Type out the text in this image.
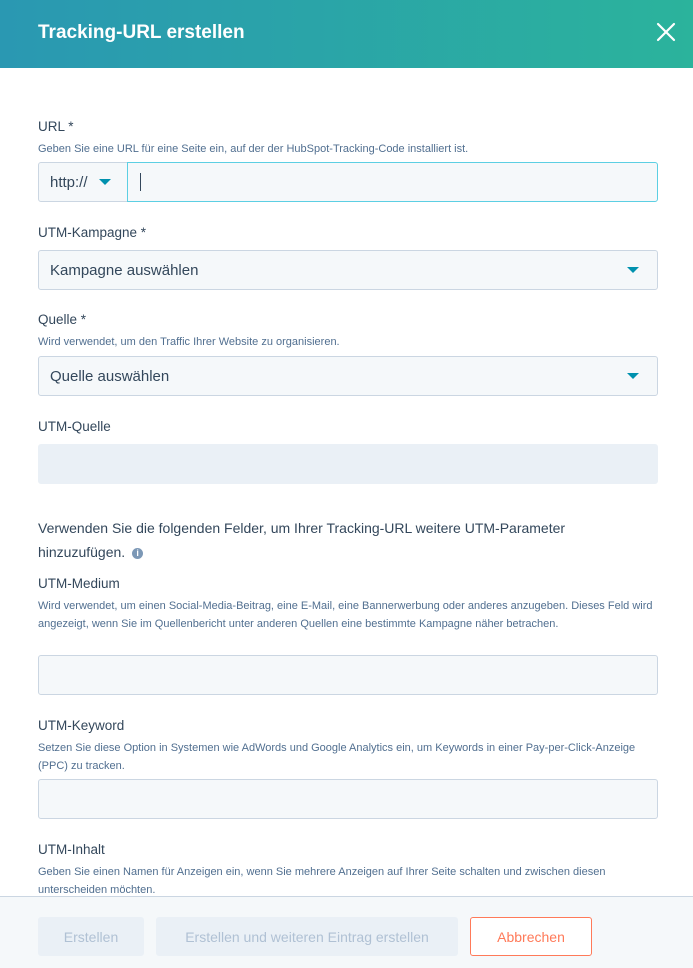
Tracking-URL erstellen
URL *
Geben Sie eine URL für eine Seite ein, auf der der HubSpot-Tracking-Code installiert ist.
http://
UTM-Kampagne *
Kampagne auswählen
Quelle *
Wird verwendet, um den Traffic Ihrer Website zu organisieren.
Quelle auswählen
UTM-Quelle
Verwenden Sie die folgenden Felder, um Ihrer Tracking-URL weitere UTM-Parameter hinzuzufügen. i
UTM-Medium
Wird verwendet, um einen Social-Media-Beitrag, eine E-Mail, eine Bannerwerbung oder anderes anzugeben. Dieses Feld wird angezeigt, wenn Sie im Quellenbericht unter anderen Quellen eine bestimmte Kampagne näher betrachen.
UTM-Keyword
Setzen Sie diese Option in Systemen wie AdWords und Google Analytics ein, um Keywords in einer Pay-per-Click-Anzeige (PPC) zu tracken.
UTM-Inhalt
Geben Sie einen Namen für Anzeigen ein, wenn Sie mehrere Anzeigen auf Ihrer Seite schalten und zwischen diesen unterscheiden möchten.
Erstellen	Erstellen und weiteren Eintrag erstellen	Abbrechen
